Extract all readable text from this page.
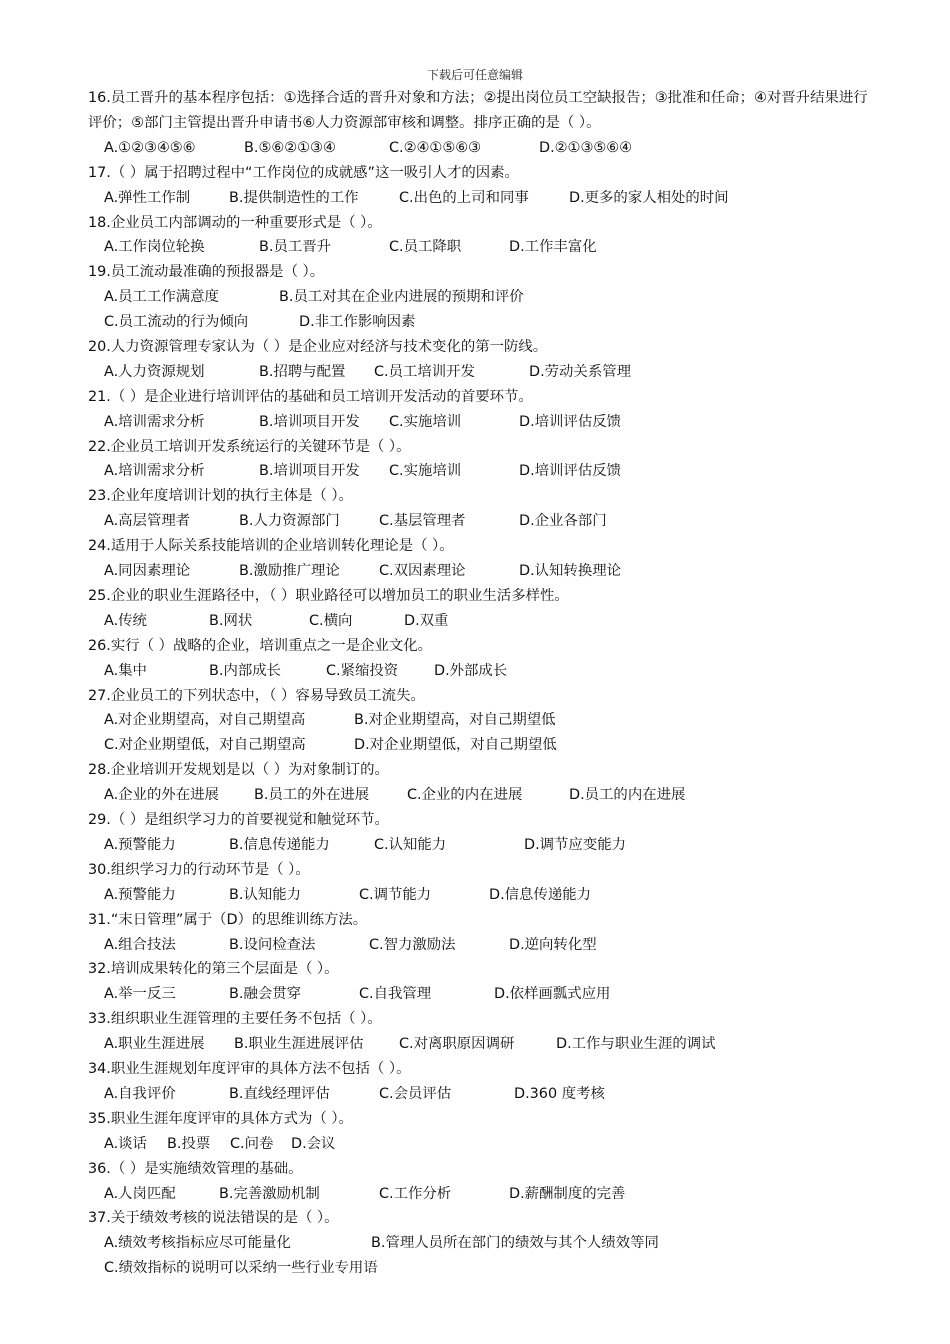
下载后可任意编辑
16.员工晋升的基本程序包括：①选择合适的晋升对象和方法；②提出岗位员工空缺报告；③批准和任命；④对晋升结果进行评价；⑤部门主管提出晋升申请书⑥人力资源部审核和调整。排序正确的是（ ）。
A.①②③④⑤⑥	B.⑤⑥②①③④	C.②④①⑤⑥③	D.②①③⑤⑥④
17.（ ）属于招聘过程中“工作岗位的成就感”这一吸引人才的因素。
A.弹性工作制	B.提供制造性的工作	C.出色的上司和同事	D.更多的家人相处的时间
18.企业员工内部调动的一种重要形式是（ ）。
A.工作岗位轮换	B.员工晋升	C.员工降职	D.工作丰富化
19.员工流动最准确的预报器是（ ）。
A.员工工作满意度	B.员工对其在企业内进展的预期和评价
C.员工流动的行为倾向	D.非工作影响因素
20.人力资源管理专家认为（ ）是企业应对经济与技术变化的第一防线。
A.人力资源规划	B.招聘与配置 C.员工培训开发	D.劳动关系管理
21.（ ）是企业进行培训评估的基础和员工培训开发活动的首要环节。
A.培训需求分析	B.培训项目开发 C.实施培训	D.培训评估反馈
22.企业员工培训开发系统运行的关键环节是（ ）。
A.培训需求分析	B.培训项目开发 C.实施培训	D.培训评估反馈
23.企业年度培训计划的执行主体是（ ）。
A.高层管理者	B.人力资源部门	C.基层管理者	D.企业各部门
24.适用于人际关系技能培训的企业培训转化理论是（ ）。
A.同因素理论	B.激励推广理论	C.双因素理论	D.认知转换理论
25.企业的职业生涯路径中，（ ）职业路径可以增加员工的职业生活多样性。
A.传统	B.网状	C.横向	D.双重
26.实行（ ）战略的企业，培训重点之一是企业文化。
A.集中	B.内部成长	C.紧缩投资 D.外部成长
27.企业员工的下列状态中，（ ）容易导致员工流失。
A.对企业期望高，对自己期望高	B.对企业期望高，对自己期望低
C.对企业期望低，对自己期望高	D.对企业期望低，对自己期望低
28.企业培训开发规划是以（ ）为对象制订的。
A.企业的外在进展 B.员工的外在进展	C.企业的内在进展	D.员工的内在进展
29.（ ）是组织学习力的首要视觉和触觉环节。
A.预警能力	B.信息传递能力	C.认知能力	D.调节应变能力
30.组织学习力的行动环节是（ ）。
A.预警能力	B.认知能力	C.调节能力	D.信息传递能力
31.“末日管理”属于（D）的思维训练方法。
A.组合技法	B.设问检查法	C.智力激励法	D.逆向转化型
32.培训成果转化的第三个层面是（ ）。
A.举一反三	B.融会贯穿	C.自我管理	D.依样画瓢式应用
33.组织职业生涯管理的主要任务不包括（ ）。
A.职业生涯进展 B.职业生涯进展评估 C.对离职原因调研	D.工作与职业生涯的调试
34.职业生涯规划年度评审的具体方法不包括（ ）。
A.自我评价	B.直线经理评估	C.会员评估	D.360 度考核
35.职业生涯年度评审的具体方式为（ ）。
A.谈话 B.投票 C.问卷 D.会议
36.（ ）是实施绩效管理的基础。
A.人岗匹配	B.完善激励机制	C.工作分析	D.薪酬制度的完善
37.关于绩效考核的说法错误的是（ ）。
A.绩效考核指标应尽可能量化	B.管理人员所在部门的绩效与其个人绩效等同
C.绩效指标的说明可以采纳一些行业专用语
